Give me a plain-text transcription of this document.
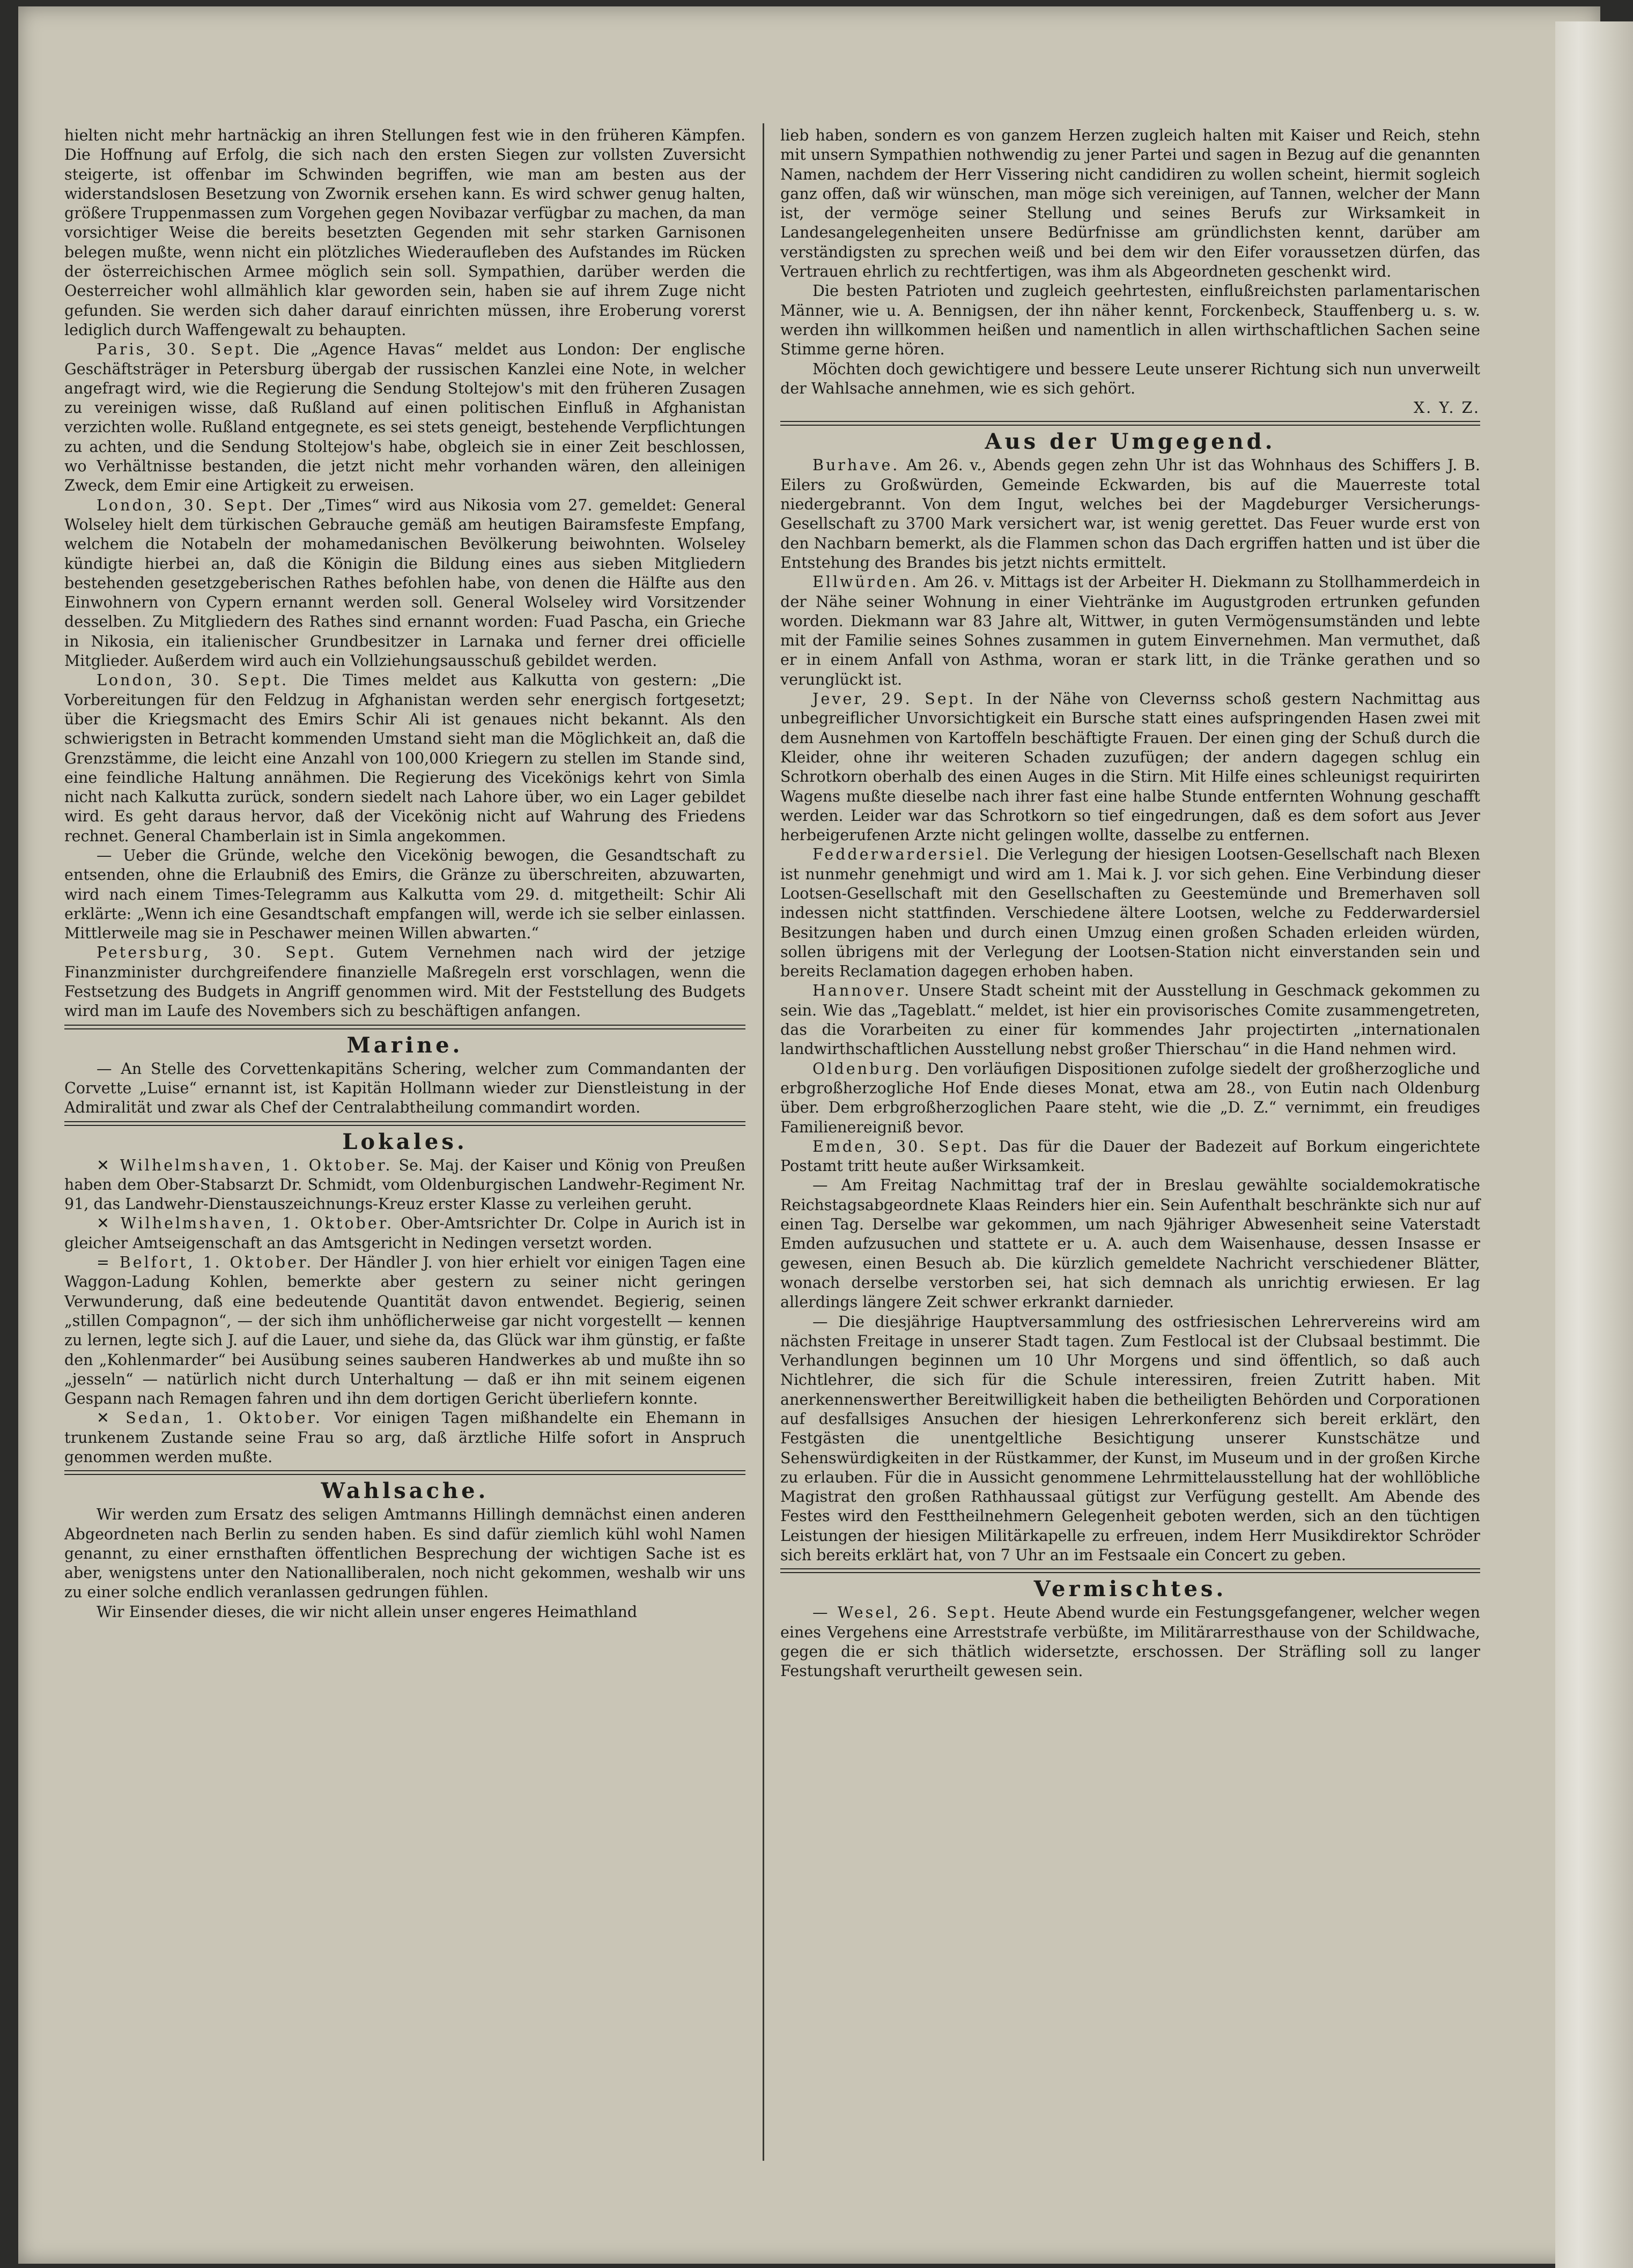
hielten nicht mehr hartnäckig an ihren Stellungen fest wie in den früheren Kämpfen. Die Hoffnung auf Erfolg, die sich nach den ersten Siegen zur vollsten Zuversicht steigerte, ist offenbar im Schwinden begriffen, wie man am besten aus der widerstandslosen Besetzung von Zwornik ersehen kann. Es wird schwer genug halten, größere Truppenmassen zum Vorgehen gegen Novibazar verfügbar zu machen, da man vorsichtiger Weise die bereits besetzten Gegenden mit sehr starken Garnisonen belegen mußte, wenn nicht ein plötzliches Wiederaufleben des Aufstandes im Rücken der österreichischen Armee möglich sein soll. Sympathien, darüber werden die Oesterreicher wohl allmählich klar geworden sein, haben sie auf ihrem Zuge nicht gefunden. Sie werden sich daher darauf einrichten müssen, ihre Eroberung vorerst lediglich durch Waffengewalt zu behaupten.

Paris, 30. Sept. Die „Agence Havas“ meldet aus London: Der englische Geschäftsträger in Petersburg übergab der russischen Kanzlei eine Note, in welcher angefragt wird, wie die Regierung die Sendung Stoltejow's mit den früheren Zusagen zu vereinigen wisse, daß Rußland auf einen politischen Einfluß in Afghanistan verzichten wolle. Rußland entgegnete, es sei stets geneigt, bestehende Verpflichtungen zu achten, und die Sendung Stoltejow's habe, obgleich sie in einer Zeit beschlossen, wo Verhältnisse bestanden, die jetzt nicht mehr vorhanden wären, den alleinigen Zweck, dem Emir eine Artigkeit zu erweisen.

London, 30. Sept. Der „Times“ wird aus Nikosia vom 27. gemeldet: General Wolseley hielt dem türkischen Gebrauche gemäß am heutigen Bairamsfeste Empfang, welchem die Notabeln der mohamedanischen Bevölkerung beiwohnten. Wolseley kündigte hierbei an, daß die Königin die Bildung eines aus sieben Mitgliedern bestehenden gesetzgeberischen Rathes befohlen habe, von denen die Hälfte aus den Einwohnern von Cypern ernannt werden soll. General Wolseley wird Vorsitzender desselben. Zu Mitgliedern des Rathes sind ernannt worden: Fuad Pascha, ein Grieche in Nikosia, ein italienischer Grundbesitzer in Larnaka und ferner drei officielle Mitglieder. Außerdem wird auch ein Vollziehungsausschuß gebildet werden.

London, 30. Sept. Die Times meldet aus Kalkutta von gestern: „Die Vorbereitungen für den Feldzug in Afghanistan werden sehr energisch fortgesetzt; über die Kriegsmacht des Emirs Schir Ali ist genaues nicht bekannt. Als den schwierigsten in Betracht kommenden Umstand sieht man die Möglichkeit an, daß die Grenzstämme, die leicht eine Anzahl von 100,000 Kriegern zu stellen im Stande sind, eine feindliche Haltung annähmen. Die Regierung des Vicekönigs kehrt von Simla nicht nach Kalkutta zurück, sondern siedelt nach Lahore über, wo ein Lager gebildet wird. Es geht daraus hervor, daß der Vicekönig nicht auf Wahrung des Friedens rechnet. General Chamberlain ist in Simla angekommen.

— Ueber die Gründe, welche den Vicekönig bewogen, die Gesandtschaft zu entsenden, ohne die Erlaubniß des Emirs, die Gränze zu überschreiten, abzuwarten, wird nach einem Times-Telegramm aus Kalkutta vom 29. d. mitgetheilt: Schir Ali erklärte: „Wenn ich eine Gesandtschaft empfangen will, werde ich sie selber einlassen. Mittlerweile mag sie in Peschawer meinen Willen abwarten.“

Petersburg, 30. Sept. Gutem Vernehmen nach wird der jetzige Finanzminister durchgreifendere finanzielle Maßregeln erst vorschlagen, wenn die Festsetzung des Budgets in Angriff genommen wird. Mit der Feststellung des Budgets wird man im Laufe des Novembers sich zu beschäftigen anfangen.

Marine.

— An Stelle des Corvettenkapitäns Schering, welcher zum Commandanten der Corvette „Luise“ ernannt ist, ist Kapitän Hollmann wieder zur Dienstleistung in der Admiralität und zwar als Chef der Centralabtheilung commandirt worden.

Lokales.

✕ Wilhelmshaven, 1. Oktober. Se. Maj. der Kaiser und König von Preußen haben dem Ober-Stabsarzt Dr. Schmidt, vom Oldenburgischen Landwehr-Regiment Nr. 91, das Landwehr-Dienstauszeichnungs-Kreuz erster Klasse zu verleihen geruht.

✕ Wilhelmshaven, 1. Oktober. Ober-Amtsrichter Dr. Colpe in Aurich ist in gleicher Amtseigenschaft an das Amtsgericht in Nedingen versetzt worden.

= Belfort, 1. Oktober. Der Händler J. von hier erhielt vor einigen Tagen eine Waggon-Ladung Kohlen, bemerkte aber gestern zu seiner nicht geringen Verwunderung, daß eine bedeutende Quantität davon entwendet. Begierig, seinen „stillen Compagnon“, — der sich ihm unhöflicherweise gar nicht vorgestellt — kennen zu lernen, legte sich J. auf die Lauer, und siehe da, das Glück war ihm günstig, er faßte den „Kohlenmarder“ bei Ausübung seines sauberen Handwerkes ab und mußte ihn so „jesseln“ — natürlich nicht durch Unterhaltung — daß er ihn mit seinem eigenen Gespann nach Remagen fahren und ihn dem dortigen Gericht überliefern konnte.

✕ Sedan, 1. Oktober. Vor einigen Tagen mißhandelte ein Ehemann in trunkenem Zustande seine Frau so arg, daß ärztliche Hilfe sofort in Anspruch genommen werden mußte.

Wahlsache.

Wir werden zum Ersatz des seligen Amtmanns Hillingh demnächst einen anderen Abgeordneten nach Berlin zu senden haben. Es sind dafür ziemlich kühl wohl Namen genannt, zu einer ernsthaften öffentlichen Besprechung der wichtigen Sache ist es aber, wenigstens unter den Nationalliberalen, noch nicht gekommen, weshalb wir uns zu einer solche endlich veranlassen gedrungen fühlen.

Wir Einsender dieses, die wir nicht allein unser engeres Heimathland

lieb haben, sondern es von ganzem Herzen zugleich halten mit Kaiser und Reich, stehn mit unsern Sympathien nothwendig zu jener Partei und sagen in Bezug auf die genannten Namen, nachdem der Herr Vissering nicht candidiren zu wollen scheint, hiermit sogleich ganz offen, daß wir wünschen, man möge sich vereinigen, auf Tannen, welcher der Mann ist, der vermöge seiner Stellung und seines Berufs zur Wirksamkeit in Landesangelegenheiten unsere Bedürfnisse am gründlichsten kennt, darüber am verständigsten zu sprechen weiß und bei dem wir den Eifer voraussetzen dürfen, das Vertrauen ehrlich zu rechtfertigen, was ihm als Abgeordneten geschenkt wird.

Die besten Patrioten und zugleich geehrtesten, einflußreichsten parlamentarischen Männer, wie u. A. Bennigsen, der ihn näher kennt, Forckenbeck, Stauffenberg u. s. w. werden ihn willkommen heißen und namentlich in allen wirthschaftlichen Sachen seine Stimme gerne hören.

Möchten doch gewichtigere und bessere Leute unserer Richtung sich nun unverweilt der Wahlsache annehmen, wie es sich gehört.

X. Y. Z.

Aus der Umgegend.

Burhave. Am 26. v., Abends gegen zehn Uhr ist das Wohnhaus des Schiffers J. B. Eilers zu Großwürden, Gemeinde Eckwarden, bis auf die Mauerreste total niedergebrannt. Von dem Ingut, welches bei der Magdeburger Versicherungs-Gesellschaft zu 3700 Mark versichert war, ist wenig gerettet. Das Feuer wurde erst von den Nachbarn bemerkt, als die Flammen schon das Dach ergriffen hatten und ist über die Entstehung des Brandes bis jetzt nichts ermittelt.

Ellwürden. Am 26. v. Mittags ist der Arbeiter H. Diekmann zu Stollhammerdeich in der Nähe seiner Wohnung in einer Viehtränke im Augustgroden ertrunken gefunden worden. Diekmann war 83 Jahre alt, Wittwer, in guten Vermögensumständen und lebte mit der Familie seines Sohnes zusammen in gutem Einvernehmen. Man vermuthet, daß er in einem Anfall von Asthma, woran er stark litt, in die Tränke gerathen und so verunglückt ist.

Jever, 29. Sept. In der Nähe von Clevernss schoß gestern Nachmittag aus unbegreiflicher Unvorsichtigkeit ein Bursche statt eines aufspringenden Hasen zwei mit dem Ausnehmen von Kartoffeln beschäftigte Frauen. Der einen ging der Schuß durch die Kleider, ohne ihr weiteren Schaden zuzufügen; der andern dagegen schlug ein Schrotkorn oberhalb des einen Auges in die Stirn. Mit Hilfe eines schleunigst requirirten Wagens mußte dieselbe nach ihrer fast eine halbe Stunde entfernten Wohnung geschafft werden. Leider war das Schrotkorn so tief eingedrungen, daß es dem sofort aus Jever herbeigerufenen Arzte nicht gelingen wollte, dasselbe zu entfernen.

Fedderwardersiel. Die Verlegung der hiesigen Lootsen-Gesellschaft nach Blexen ist nunmehr genehmigt und wird am 1. Mai k. J. vor sich gehen. Eine Verbindung dieser Lootsen-Gesellschaft mit den Gesellschaften zu Geestemünde und Bremerhaven soll indessen nicht stattfinden. Verschiedene ältere Lootsen, welche zu Fedderwardersiel Besitzungen haben und durch einen Umzug einen großen Schaden erleiden würden, sollen übrigens mit der Verlegung der Lootsen-Station nicht einverstanden sein und bereits Reclamation dagegen erhoben haben.

Hannover. Unsere Stadt scheint mit der Ausstellung in Geschmack gekommen zu sein. Wie das „Tageblatt.“ meldet, ist hier ein provisorisches Comite zusammengetreten, das die Vorarbeiten zu einer für kommendes Jahr projectirten „internationalen landwirthschaftlichen Ausstellung nebst großer Thierschau“ in die Hand nehmen wird.

Oldenburg. Den vorläufigen Dispositionen zufolge siedelt der großherzogliche und erbgroßherzogliche Hof Ende dieses Monat, etwa am 28., von Eutin nach Oldenburg über. Dem erbgroßherzoglichen Paare steht, wie die „D. Z.“ vernimmt, ein freudiges Familienereigniß bevor.

Emden, 30. Sept. Das für die Dauer der Badezeit auf Borkum eingerichtete Postamt tritt heute außer Wirksamkeit.

— Am Freitag Nachmittag traf der in Breslau gewählte socialdemokratische Reichstagsabgeordnete Klaas Reinders hier ein. Sein Aufenthalt beschränkte sich nur auf einen Tag. Derselbe war gekommen, um nach 9jähriger Abwesenheit seine Vaterstadt Emden aufzusuchen und stattete er u. A. auch dem Waisenhause, dessen Insasse er gewesen, einen Besuch ab. Die kürzlich gemeldete Nachricht verschiedener Blätter, wonach derselbe verstorben sei, hat sich demnach als unrichtig erwiesen. Er lag allerdings längere Zeit schwer erkrankt darnieder.

— Die diesjährige Hauptversammlung des ostfriesischen Lehrervereins wird am nächsten Freitage in unserer Stadt tagen. Zum Festlocal ist der Clubsaal bestimmt. Die Verhandlungen beginnen um 10 Uhr Morgens und sind öffentlich, so daß auch Nichtlehrer, die sich für die Schule interessiren, freien Zutritt haben. Mit anerkennenswerther Bereitwilligkeit haben die betheiligten Behörden und Corporationen auf desfallsiges Ansuchen der hiesigen Lehrerkonferenz sich bereit erklärt, den Festgästen die unentgeltliche Besichtigung unserer Kunstschätze und Sehenswürdigkeiten in der Rüstkammer, der Kunst, im Museum und in der großen Kirche zu erlauben. Für die in Aussicht genommene Lehrmittelausstellung hat der wohllöbliche Magistrat den großen Rathhaussaal gütigst zur Verfügung gestellt. Am Abende des Festes wird den Festtheilnehmern Gelegenheit geboten werden, sich an den tüchtigen Leistungen der hiesigen Militärkapelle zu erfreuen, indem Herr Musikdirektor Schröder sich bereits erklärt hat, von 7 Uhr an im Festsaale ein Concert zu geben.

Vermischtes.

— Wesel, 26. Sept. Heute Abend wurde ein Festungsgefangener, welcher wegen eines Vergehens eine Arreststrafe verbüßte, im Militärarresthause von der Schildwache, gegen die er sich thätlich widersetzte, erschossen. Der Sträfling soll zu langer Festungshaft verurtheilt gewesen sein.
